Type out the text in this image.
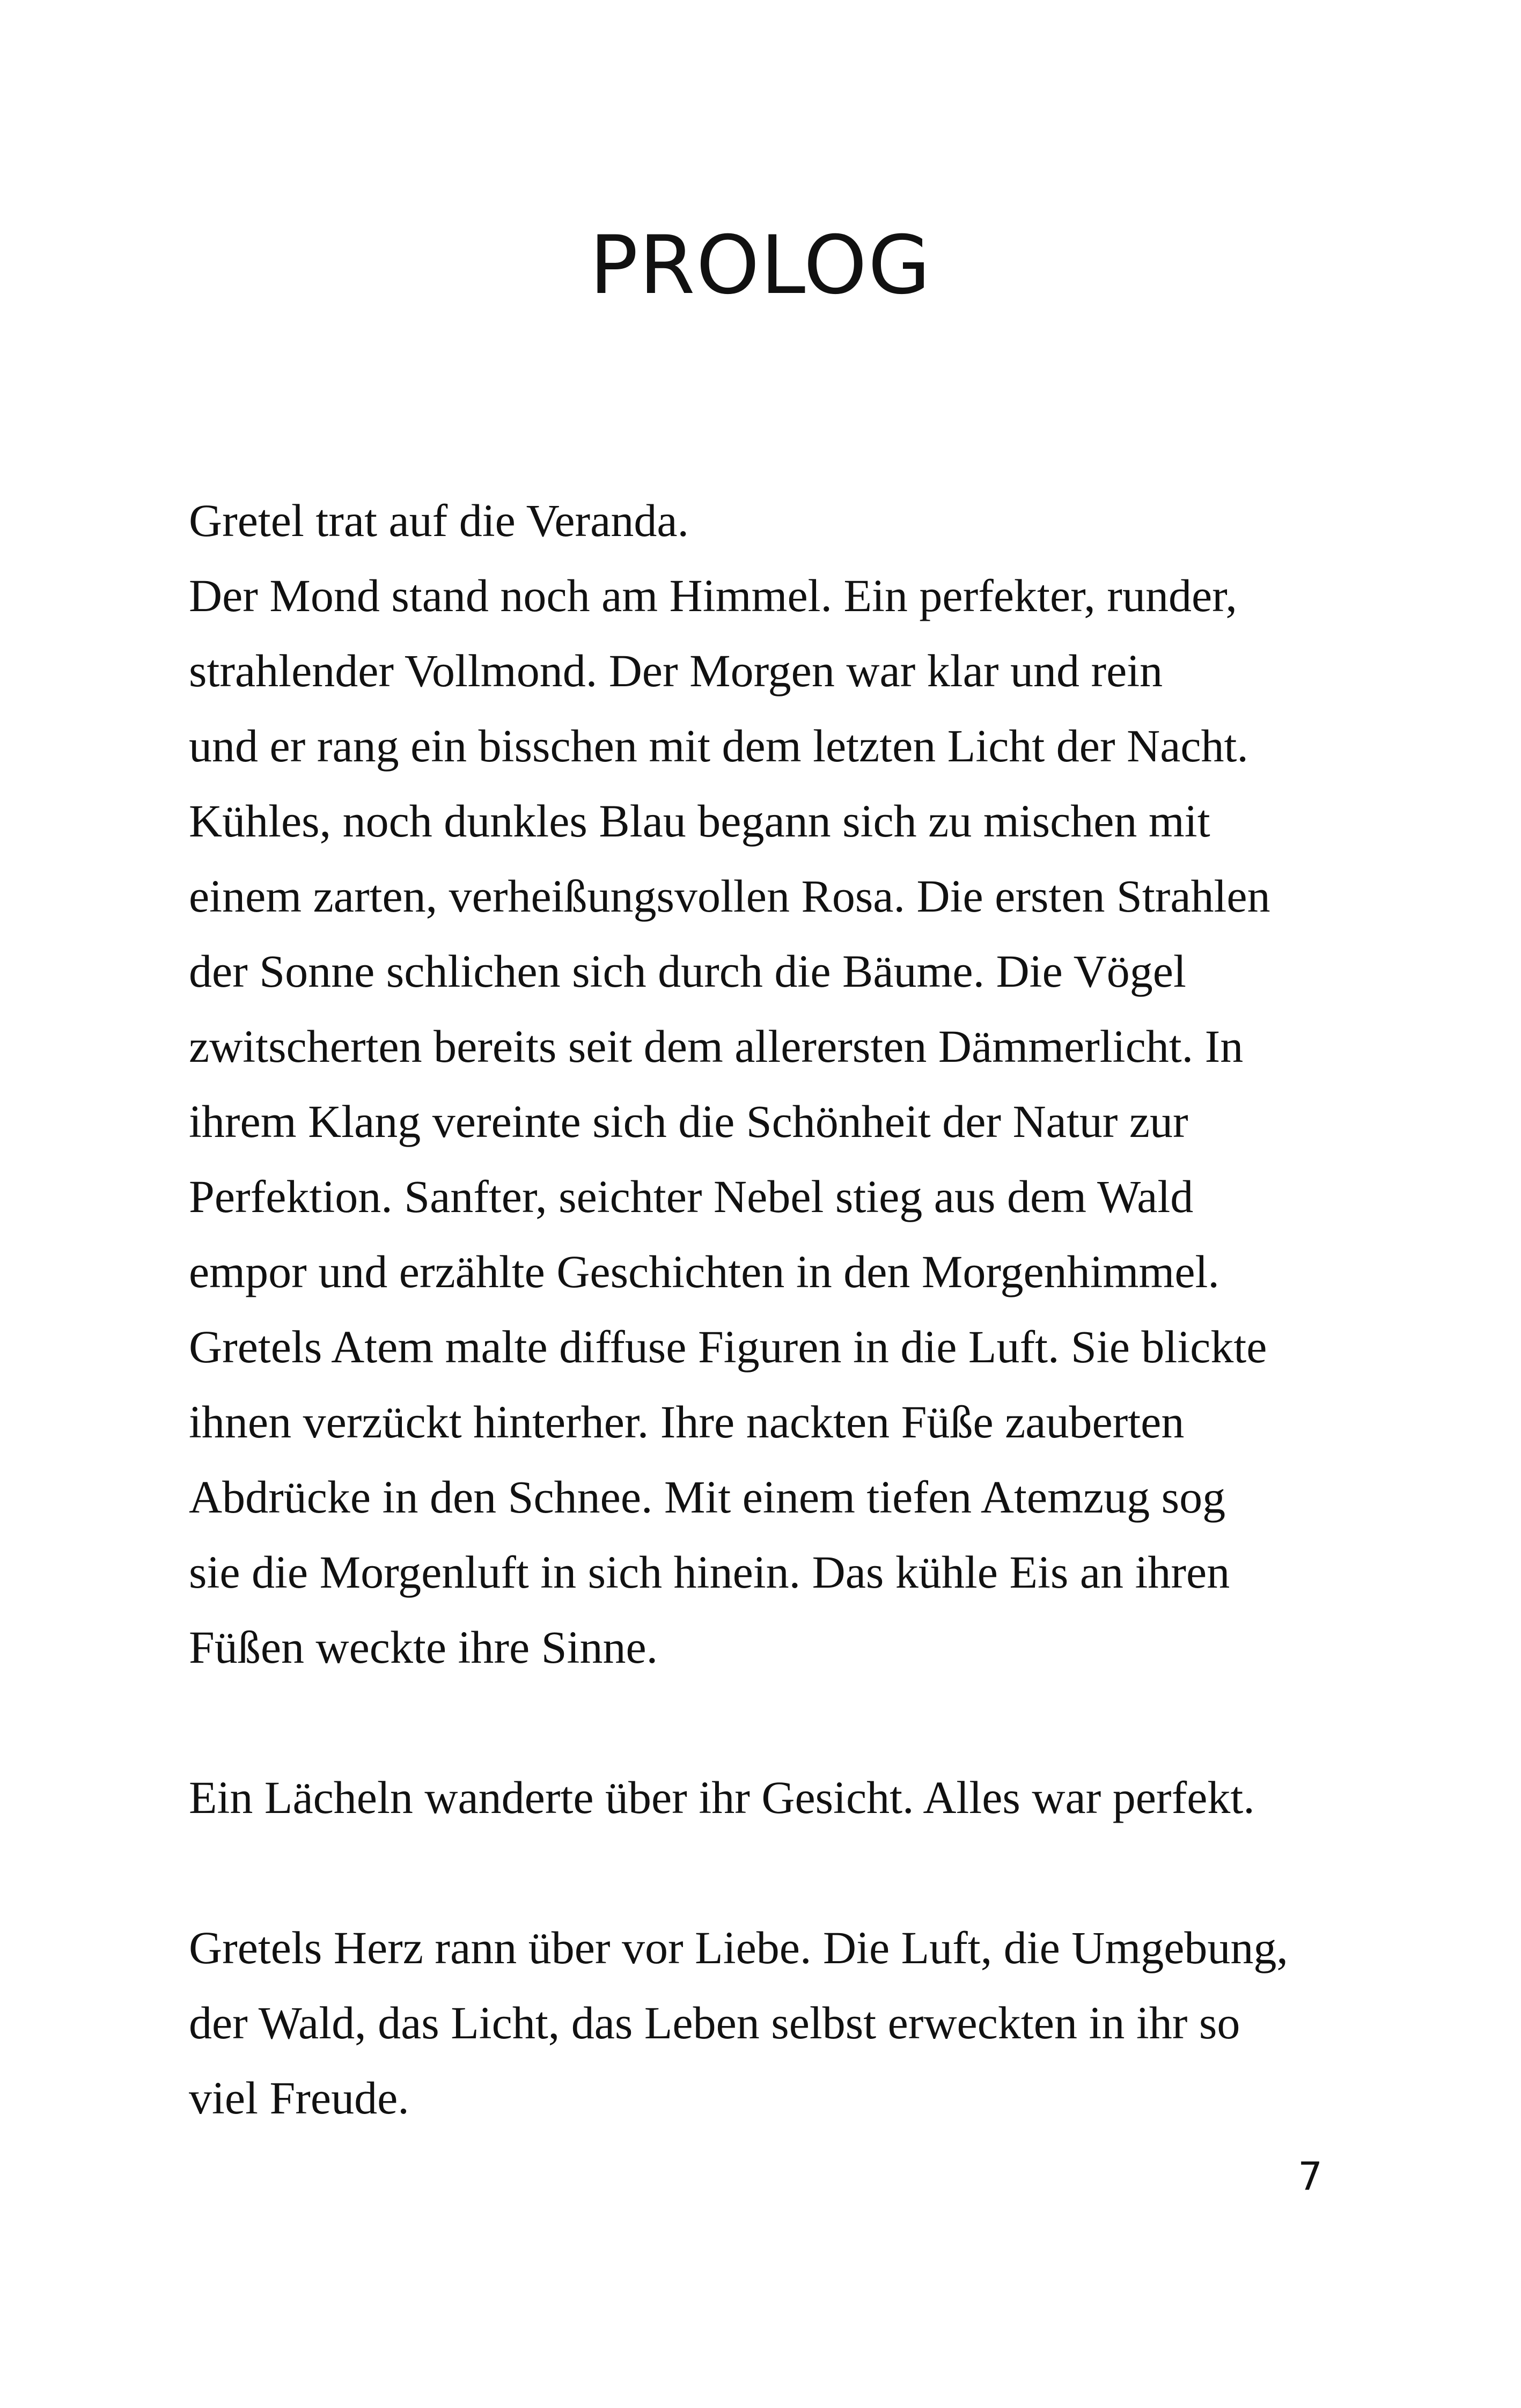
PROLOG
Gretel trat auf die Veranda.
Der Mond stand noch am Himmel. Ein perfekter, runder,
strahlender Vollmond. Der Morgen war klar und rein
und er rang ein bisschen mit dem letzten Licht der Nacht.
Kühles, noch dunkles Blau begann sich zu mischen mit
einem zarten, verheißungsvollen Rosa. Die ersten Strahlen
der Sonne schlichen sich durch die Bäume. Die Vögel
zwitscherten bereits seit dem allerersten Dämmerlicht. In
ihrem Klang vereinte sich die Schönheit der Natur zur
Perfektion. Sanfter, seichter Nebel stieg aus dem Wald
empor und erzählte Geschichten in den Morgenhimmel.
Gretels Atem malte diffuse Figuren in die Luft. Sie blickte
ihnen verzückt hinterher. Ihre nackten Füße zauberten
Abdrücke in den Schnee. Mit einem tiefen Atemzug sog
sie die Morgenluft in sich hinein. Das kühle Eis an ihren
Füßen weckte ihre Sinne.
Ein Lächeln wanderte über ihr Gesicht. Alles war perfekt.
Gretels Herz rann über vor Liebe. Die Luft, die Umgebung,
der Wald, das Licht, das Leben selbst erweckten in ihr so
viel Freude.
7
